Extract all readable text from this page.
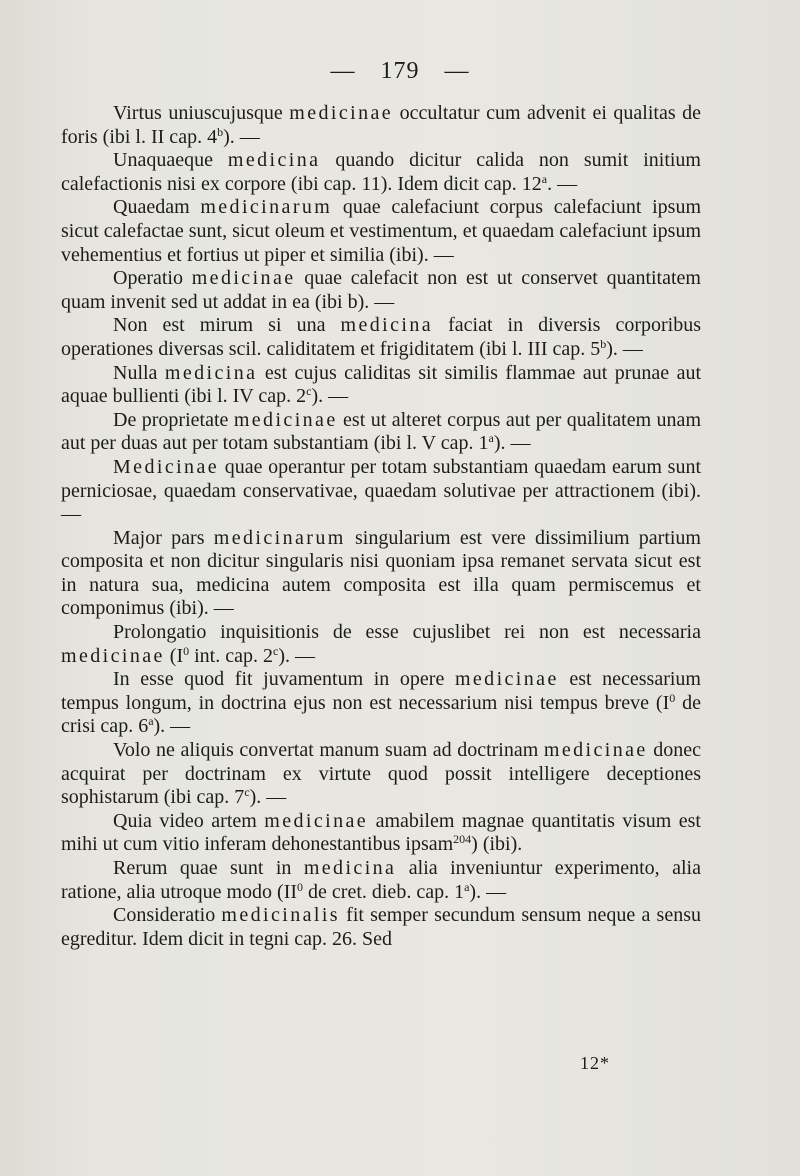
— 179 —

Virtus uniuscujusque medicinae occultatur cum advenit ei qualitas de foris (ibi l. II cap. 4$^b$). —

Unaquaeque medicina quando dicitur calida non sumit initium calefactionis nisi ex corpore (ibi cap. 11). Idem dicit cap. 12$^a$. —

Quaedam medicinarum quae calefaciunt corpus calefaciunt ipsum sicut calefactae sunt, sicut oleum et vestimentum, et quaedam calefaciunt ipsum vehementius et fortius ut piper et similia (ibi). —

Operatio medicinae quae calefacit non est ut conservet quantitatem quam invenit sed ut addat in ea (ibi b). —

Non est mirum si una medicina faciat in diversis corporibus operationes diversas scil. caliditatem et frigiditatem (ibi l. III cap. 5$^b$). —

Nulla medicina est cujus caliditas sit similis flammae aut prunae aut aquae bullienti (ibi l. IV cap. 2$^c$). —

De proprietate medicinae est ut alteret corpus aut per qualitatem unam aut per duas aut per totam substantiam (ibi l. V cap. 1$^a$). —

Medicinae quae operantur per totam substantiam quaedam earum sunt perniciosae, quaedam conservativae, quaedam solutivae per attractionem (ibi). —

Major pars medicinarum singularium est vere dissimilium partium composita et non dicitur singularis nisi quoniam ipsa remanet servata sicut est in natura sua, medicina autem composita est illa quam permiscemus et componimus (ibi). —

Prolongatio inquisitionis de esse cujuslibet rei non est necessaria medicinae ($I^0$ int. cap. 2$^c$). —

In esse quod fit juvamentum in opere medicinae est necessarium tempus longum, in doctrina ejus non est necessarium nisi tempus breve ($I^0$ de crisi cap. 6$^a$). —

Volo ne aliquis convertat manum suam ad doctrinam medicinae donec acquirat per doctrinam ex virtute quod possit intelligere deceptiones sophistarum (ibi cap. 7$^c$). —

Quia video artem medicinae amabilem magnae quantitatis visum est mihi ut cum vitio inferam dehonestantibus ipsam$^{204}$) (ibi).

Rerum quae sunt in medicina alia inveniuntur experimento, alia ratione, alia utroque modo ($II^0$ de cret. dieb. cap. 1$^a$). —

Consideratio medicinalis fit semper secundum sensum neque a sensu egreditur. Idem dicit in tegni cap. 26. Sed

12*
